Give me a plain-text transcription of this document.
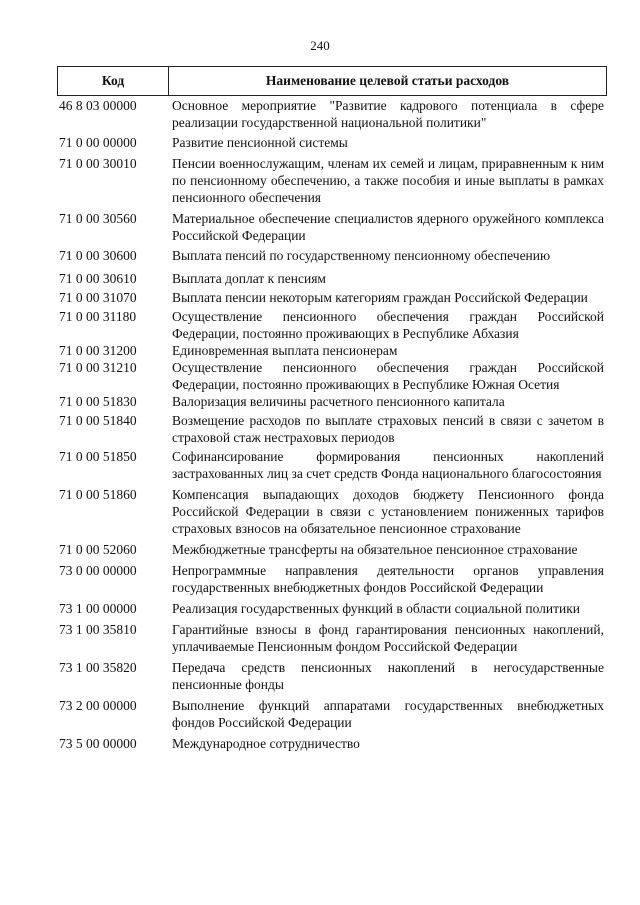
240
Код	Наименование целевой статьи расходов
46 8 03 00000	Основное мероприятие "Развитие кадрового потенциала в сфере реализации государственной национальной политики"
71 0 00 00000	Развитие пенсионной системы
71 0 00 30010	Пенсии военнослужащим, членам их семей и лицам, приравненным к ним по пенсионному обеспечению, а также пособия и иные выплаты в рамках пенсионного обеспечения
71 0 00 30560	Материальное обеспечение специалистов ядерного оружейного комплекса Российской Федерации
71 0 00 30600	Выплата пенсий по государственному пенсионному обеспечению
71 0 00 30610	Выплата доплат к пенсиям
71 0 00 31070	Выплата пенсии некоторым категориям граждан Российской Федерации
71 0 00 31180	Осуществление пенсионного обеспечения граждан Российской Федерации, постоянно проживающих в Республике Абхазия
71 0 00 31200	Единовременная выплата пенсионерам
71 0 00 31210	Осуществление пенсионного обеспечения граждан Российской Федерации, постоянно проживающих в Республике Южная Осетия
71 0 00 51830	Валоризация величины расчетного пенсионного капитала
71 0 00 51840	Возмещение расходов по выплате страховых пенсий в связи с зачетом в страховой стаж нестраховых периодов
71 0 00 51850	Софинансирование формирования пенсионных накоплений застрахованных лиц за счет средств Фонда национального благосостояния
71 0 00 51860	Компенсация выпадающих доходов бюджету Пенсионного фонда Российской Федерации в связи с установлением пониженных тарифов страховых взносов на обязательное пенсионное страхование
71 0 00 52060	Межбюджетные трансферты на обязательное пенсионное страхование
73 0 00 00000	Непрограммные направления деятельности органов управления государственных внебюджетных фондов Российской Федерации
73 1 00 00000	Реализация государственных функций в области социальной политики
73 1 00 35810	Гарантийные взносы в фонд гарантирования пенсионных накоплений, уплачиваемые Пенсионным фондом Российской Федерации
73 1 00 35820	Передача средств пенсионных накоплений в негосударственные пенсионные фонды
73 2 00 00000	Выполнение функций аппаратами государственных внебюджетных фондов Российской Федерации
73 5 00 00000	Международное сотрудничество
